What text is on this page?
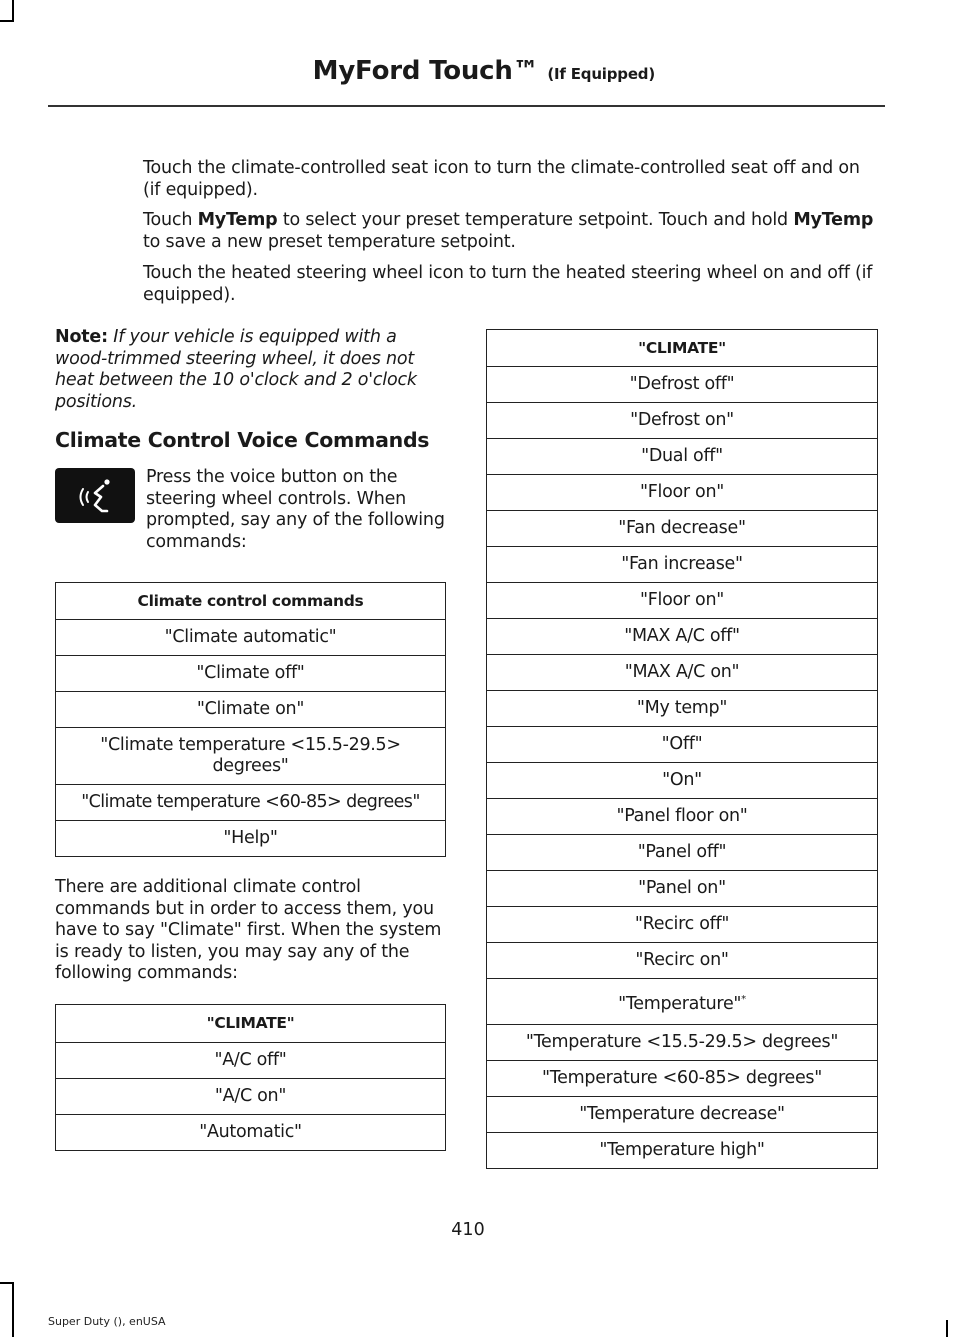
MyFord Touch™ (If Equipped)

Touch the climate-controlled seat icon to turn the climate-controlled seat off and on (if equipped).

Touch MyTemp to select your preset temperature setpoint. Touch and hold MyTemp to save a new preset temperature setpoint.

Touch the heated steering wheel icon to turn the heated steering wheel on and off (if equipped).

Note: If your vehicle is equipped with a wood-trimmed steering wheel, it does not heat between the 10 o'clock and 2 o'clock positions.

Climate Control Voice Commands

Press the voice button on the steering wheel controls. When prompted, say any of the following commands:

Climate control commands
"Climate automatic"
"Climate off"
"Climate on"
"Climate temperature <15.5-29.5> degrees"
"Climate temperature <60-85> degrees"
"Help"

There are additional climate control commands but in order to access them, you have to say "Climate" first. When the system is ready to listen, you may say any of the following commands:

"CLIMATE"
"A/C off"
"A/C on"
"Automatic"
"CLIMATE"
"Defrost off"
"Defrost on"
"Dual off"
"Floor on"
"Fan decrease"
"Fan increase"
"Floor on"
"MAX A/C off"
"MAX A/C on"
"My temp"
"Off"
"On"
"Panel floor on"
"Panel off"
"Panel on"
"Recirc off"
"Recirc on"
"Temperature"*
"Temperature <15.5-29.5> degrees"
"Temperature <60-85> degrees"
"Temperature decrease"
"Temperature high"
410
Super Duty (), enUSA
